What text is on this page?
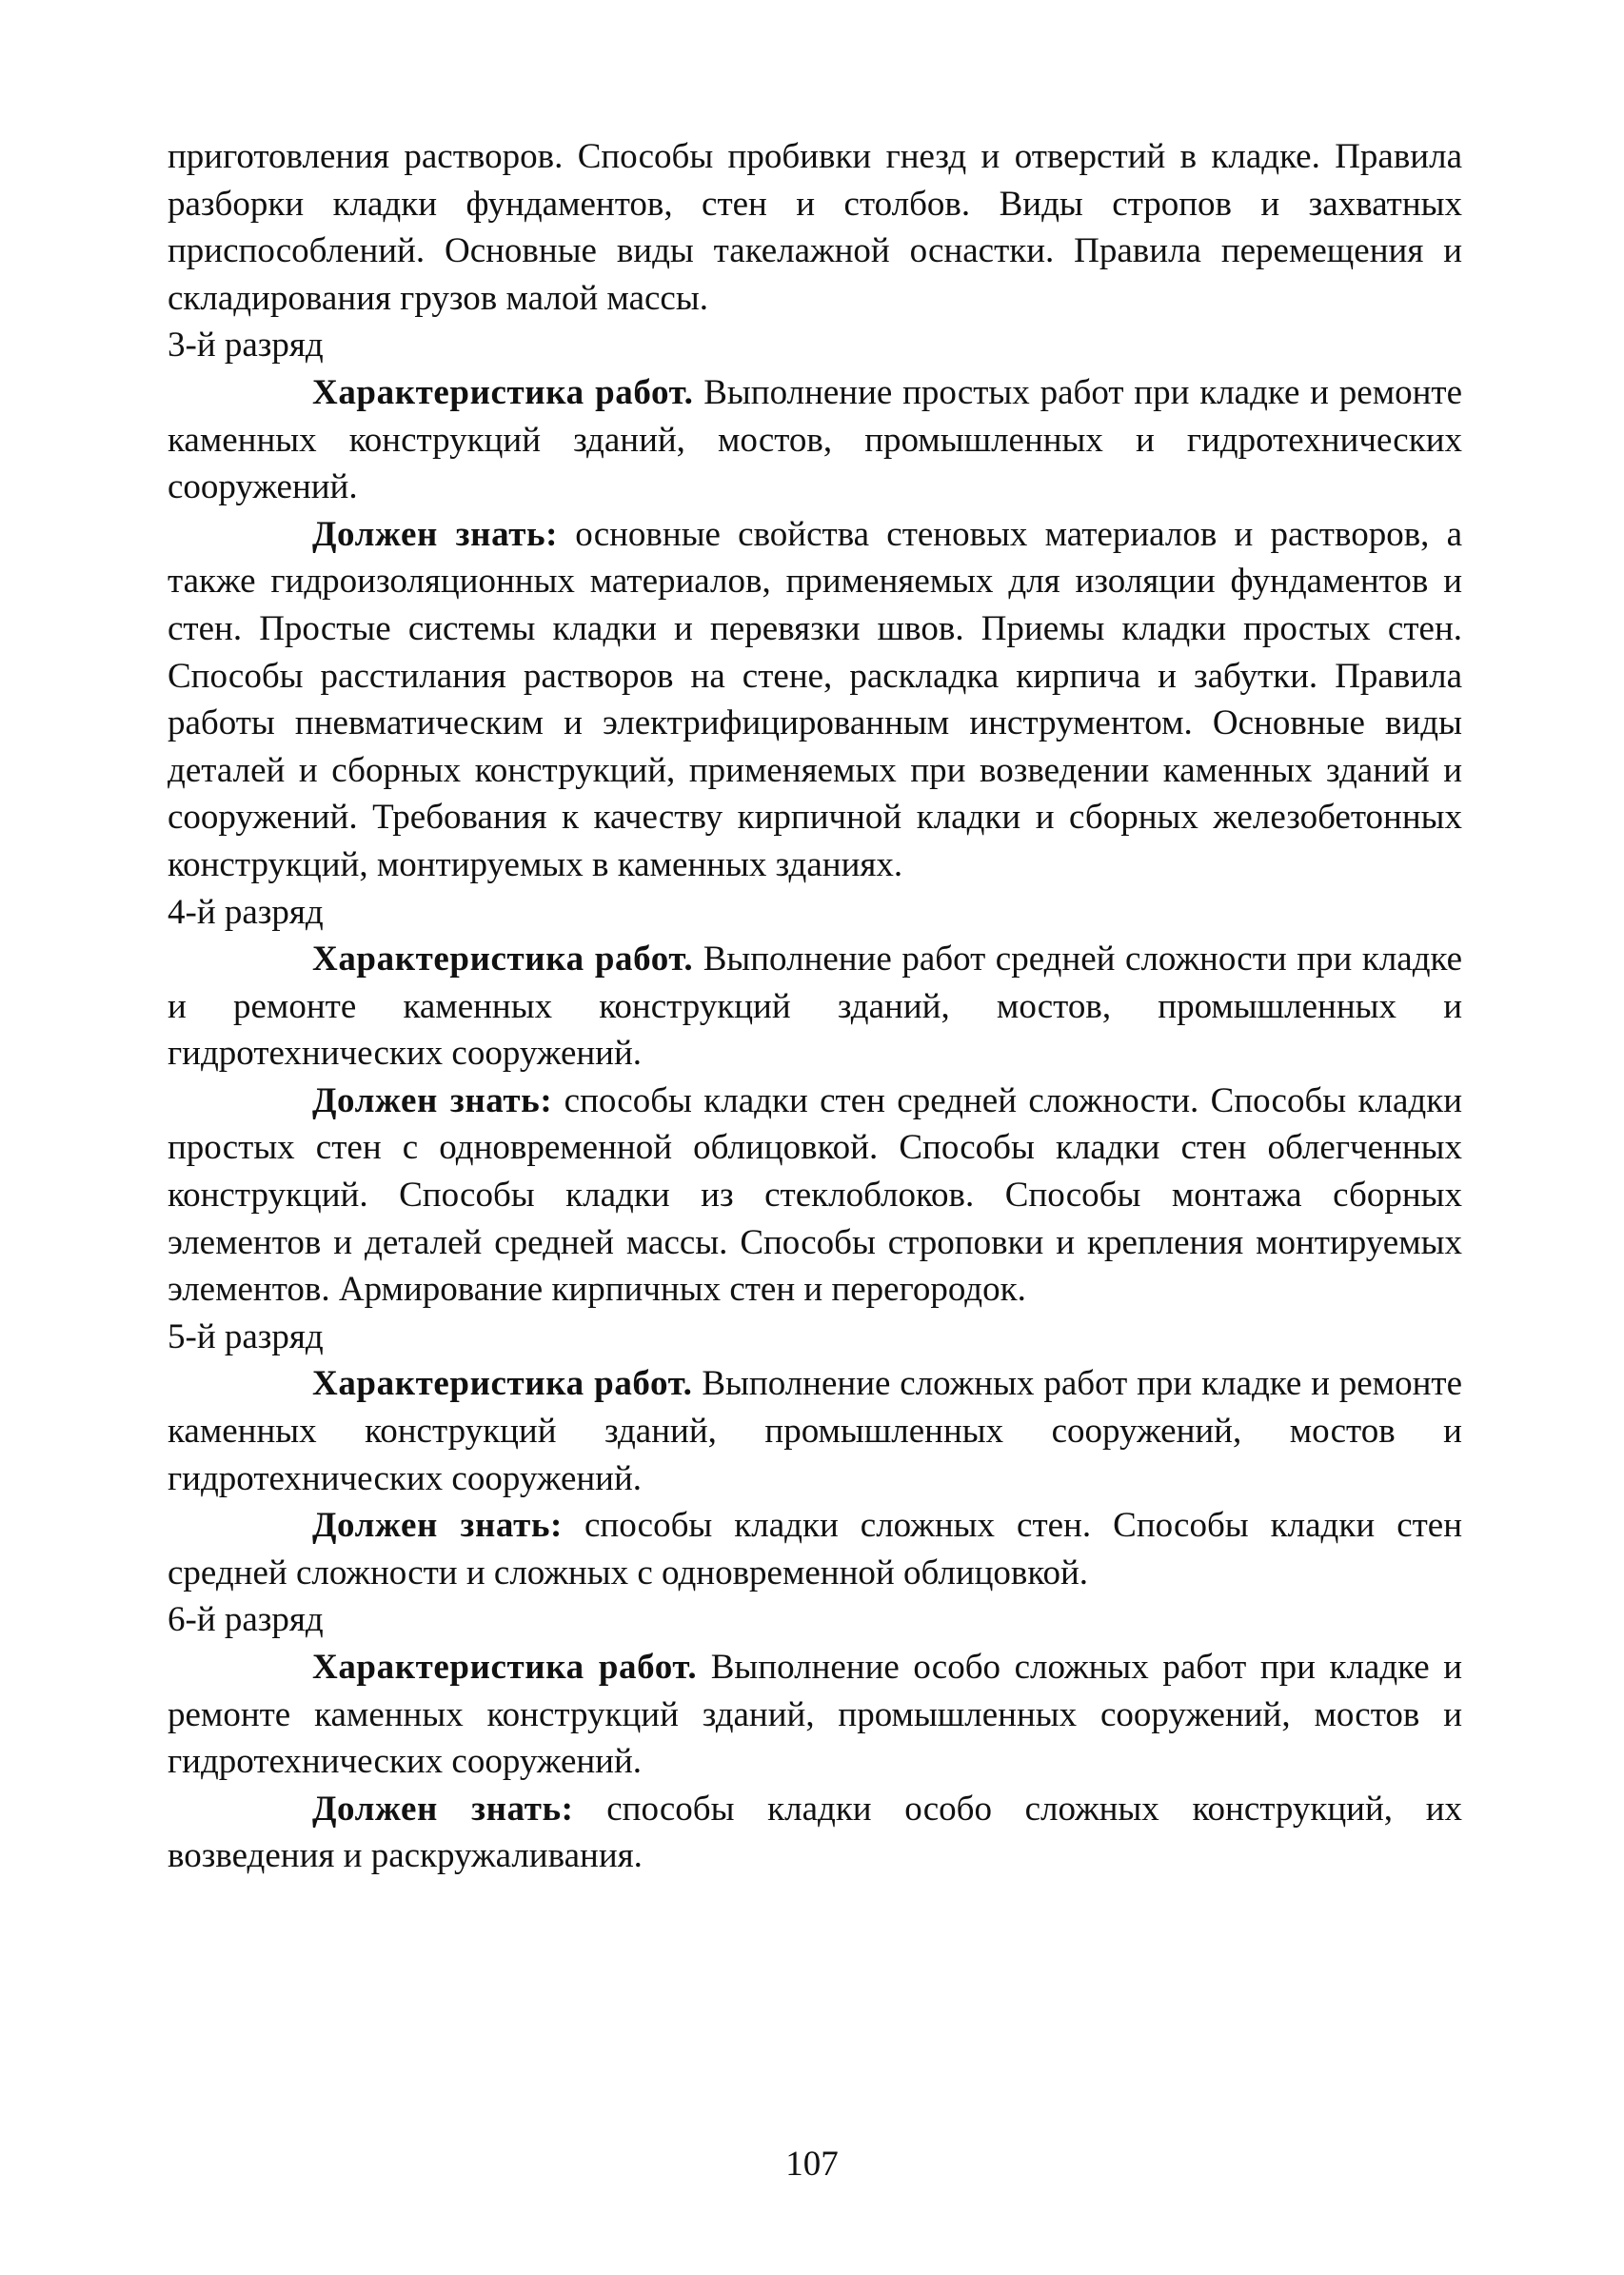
приготовления растворов. Способы пробивки гнезд и отверстий в кладке. Правила разборки кладки фундаментов, стен и столбов. Виды стропов и захватных приспособлений. Основные виды такелажной оснастки. Правила перемещения и складирования грузов малой массы.

3-й разряд

Характеристика работ. Выполнение простых работ при кладке и ремонте каменных конструкций зданий, мостов, промышленных и гидротехнических сооружений.

Должен знать: основные свойства стеновых материалов и растворов, а также гидроизоляционных материалов, применяемых для изоляции фундаментов и стен. Простые системы кладки и перевязки швов. Приемы кладки простых стен. Способы расстилания растворов на стене, раскладка кирпича и забутки. Правила работы пневматическим и электрифицированным инструментом. Основные виды деталей и сборных конструкций, применяемых при возведении каменных зданий и сооружений. Требования к качеству кирпичной кладки и сборных железобетонных конструкций, монтируемых в каменных зданиях.

4-й разряд

Характеристика работ. Выполнение работ средней сложности при кладке и ремонте каменных конструкций зданий, мостов, промышленных и гидротехнических сооружений.

Должен знать: способы кладки стен средней сложности. Способы кладки простых стен с одновременной облицовкой. Способы кладки стен облегченных конструкций. Способы кладки из стеклоблоков. Способы монтажа сборных элементов и деталей средней массы. Способы строповки и крепления монтируемых элементов. Армирование кирпичных стен и перегородок.

5-й разряд

Характеристика работ. Выполнение сложных работ при кладке и ремонте каменных конструкций зданий, промышленных сооружений, мостов и гидротехнических сооружений.

Должен знать: способы кладки сложных стен. Способы кладки стен средней сложности и сложных с одновременной облицовкой.

6-й разряд

Характеристика работ. Выполнение особо сложных работ при кладке и ремонте каменных конструкций зданий, промышленных сооружений, мостов и гидротехнических сооружений.

Должен знать: способы кладки особо сложных конструкций, их возведения и раскружаливания.

107
